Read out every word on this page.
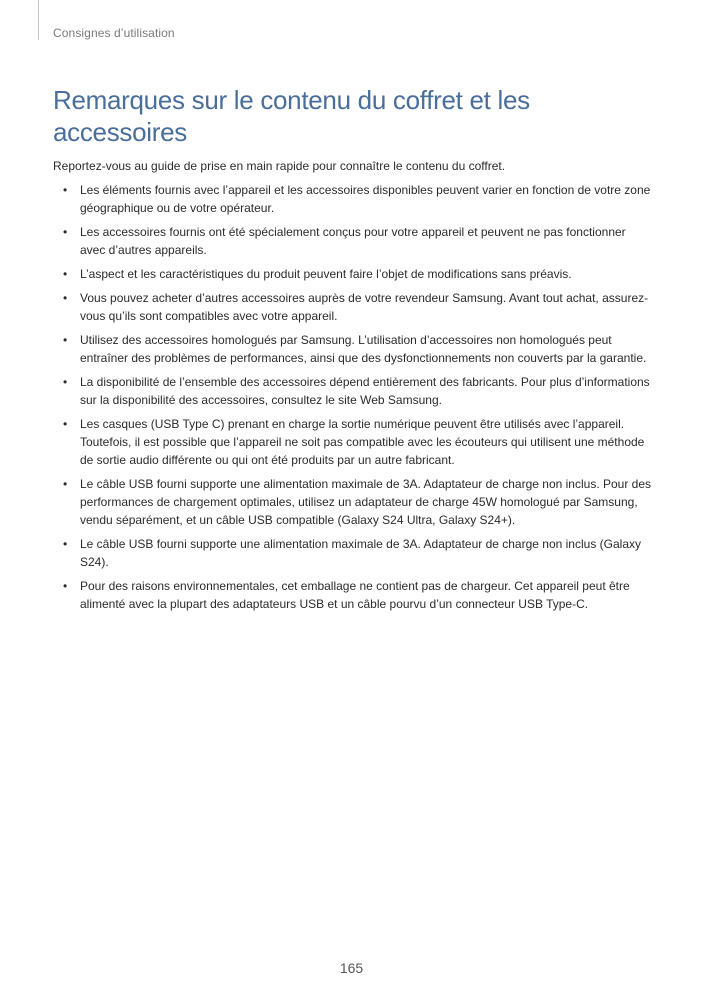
Consignes d’utilisation
Remarques sur le contenu du coffret et les accessoires

Reportez-vous au guide de prise en main rapide pour connaître le contenu du coffret.

• Les éléments fournis avec l’appareil et les accessoires disponibles peuvent varier en fonction de votre zone géographique ou de votre opérateur.
• Les accessoires fournis ont été spécialement conçus pour votre appareil et peuvent ne pas fonctionner avec d’autres appareils.
• L’aspect et les caractéristiques du produit peuvent faire l’objet de modifications sans préavis.
• Vous pouvez acheter d’autres accessoires auprès de votre revendeur Samsung. Avant tout achat, assurez-vous qu’ils sont compatibles avec votre appareil.
• Utilisez des accessoires homologués par Samsung. L’utilisation d’accessoires non homologués peut entraîner des problèmes de performances, ainsi que des dysfonctionnements non couverts par la garantie.
• La disponibilité de l’ensemble des accessoires dépend entièrement des fabricants. Pour plus d’informations sur la disponibilité des accessoires, consultez le site Web Samsung.
• Les casques (USB Type C) prenant en charge la sortie numérique peuvent être utilisés avec l’appareil. Toutefois, il est possible que l’appareil ne soit pas compatible avec les écouteurs qui utilisent une méthode de sortie audio différente ou qui ont été produits par un autre fabricant.
• Le câble USB fourni supporte une alimentation maximale de 3A. Adaptateur de charge non inclus. Pour des performances de chargement optimales, utilisez un adaptateur de charge 45W homologué par Samsung, vendu séparément, et un câble USB compatible (Galaxy S24 Ultra, Galaxy S24+).
• Le câble USB fourni supporte une alimentation maximale de 3A. Adaptateur de charge non inclus (Galaxy S24).
• Pour des raisons environnementales, cet emballage ne contient pas de chargeur. Cet appareil peut être alimenté avec la plupart des adaptateurs USB et un câble pourvu d’un connecteur USB Type-C.
165
